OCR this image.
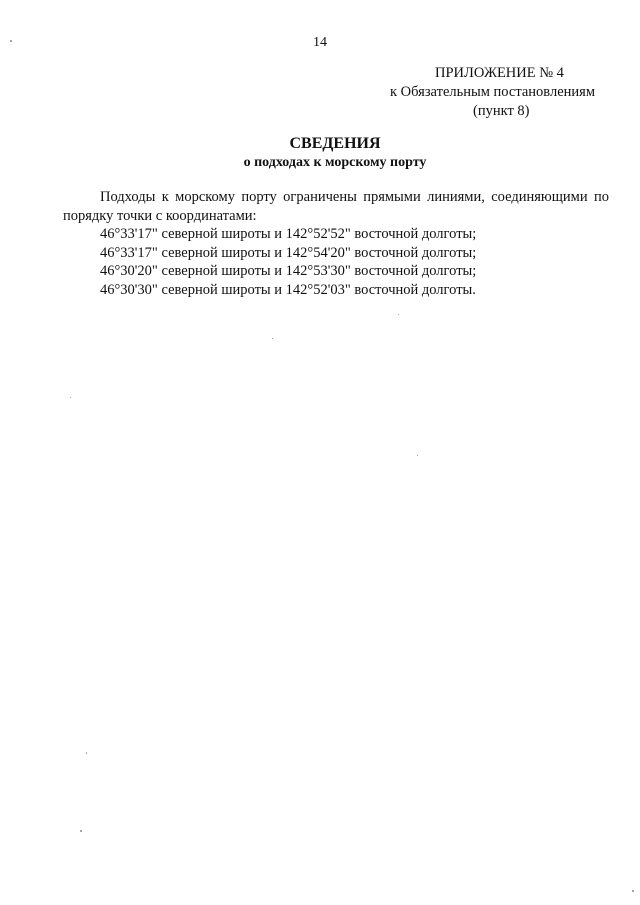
14
ПРИЛОЖЕНИЕ № 4
к Обязательным постановлениям
(пункт 8)
СВЕДЕНИЯ
о подходах к морскому порту

Подходы к морскому порту ограничены прямыми линиями, соединяющими по порядку точки с координатами:

46°33'17" северной широты и 142°52'52" восточной долготы;
46°33'17" северной широты и 142°54'20" восточной долготы;
46°30'20" северной широты и 142°53'30" восточной долготы;
46°30'30" северной широты и 142°52'03" восточной долготы.
